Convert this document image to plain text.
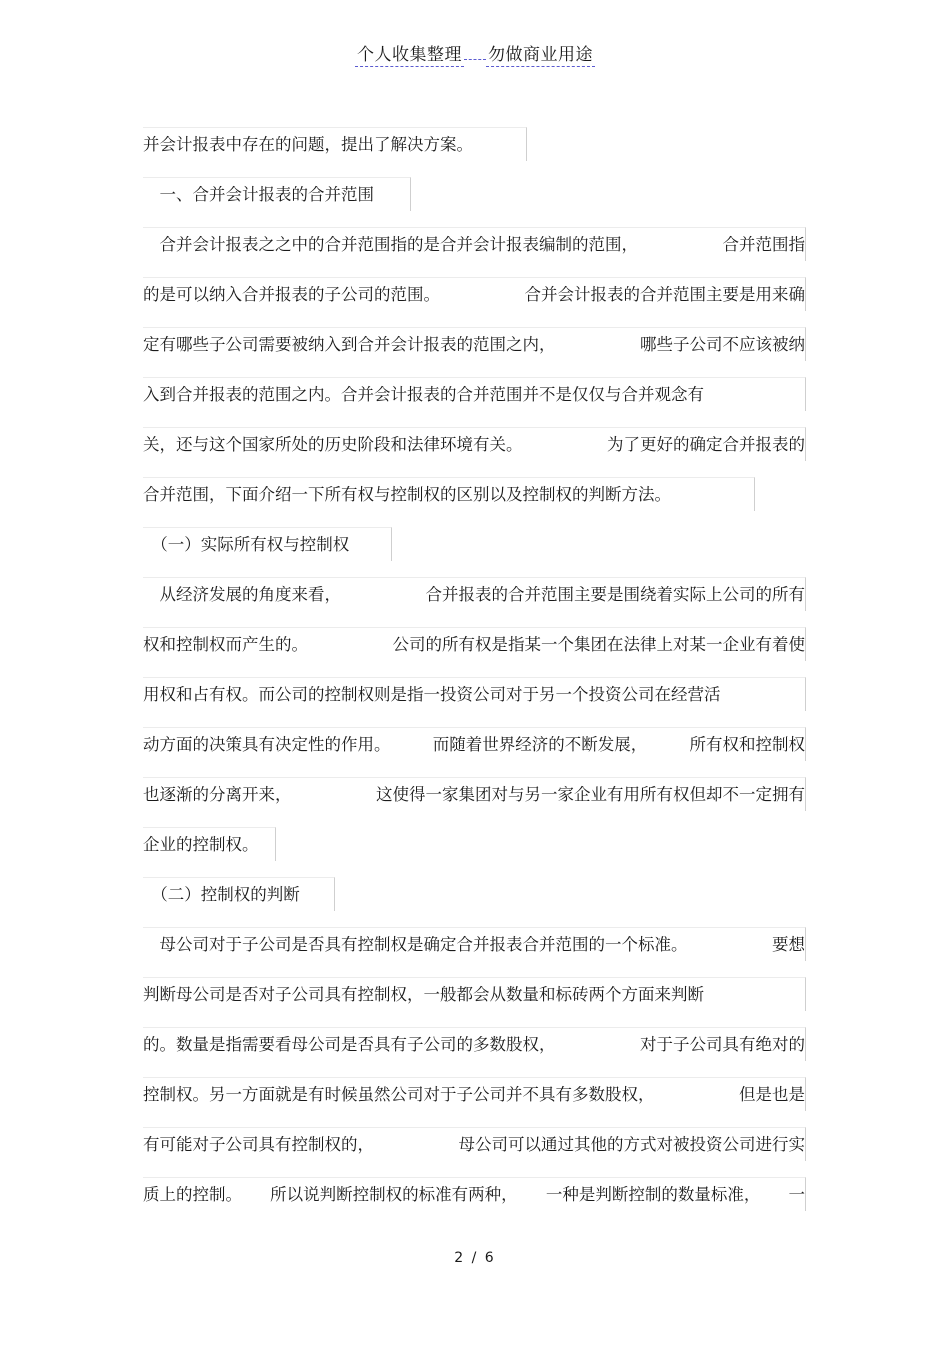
个人收集整理 勿做商业用途
并会计报表中存在的问题，提出了解决方案。
　一、合并会计报表的合并范围
　合并会计报表之之中的合并范围指的是合并会计报表编制的范围，	合并范围指
的是可以纳入合并报表的子公司的范围。	合并会计报表的合并范围主要是用来确
定有哪些子公司需要被纳入到合并会计报表的范围之内，	哪些子公司不应该被纳
入到合并报表的范围之内。合并会计报表的合并范围并不是仅仅与合并观念有
关，还与这个国家所处的历史阶段和法律环境有关。	为了更好的确定合并报表的
合并范围，下面介绍一下所有权与控制权的区别以及控制权的判断方法。
　（一）实际所有权与控制权
　从经济发展的角度来看，	合并报表的合并范围主要是围绕着实际上公司的所有
权和控制权而产生的。	公司的所有权是指某一个集团在法律上对某一企业有着使
用权和占有权。而公司的控制权则是指一投资公司对于另一个投资公司在经营活
动方面的决策具有决定性的作用。	而随着世界经济的不断发展，	所有权和控制权
也逐渐的分离开来，	这使得一家集团对与另一家企业有用所有权但却不一定拥有
企业的控制权。
　（二）控制权的判断
　母公司对于子公司是否具有控制权是确定合并报表合并范围的一个标准。	要想
判断母公司是否对子公司具有控制权，一般都会从数量和标砖两个方面来判断
的。数量是指需要看母公司是否具有子公司的多数股权，	对于子公司具有绝对的
控制权。另一方面就是有时候虽然公司对于子公司并不具有多数股权，	但是也是
有可能对子公司具有控制权的，	母公司可以通过其他的方式对被投资公司进行实
质上的控制。 所以说判断控制权的标准有两种， 一种是判断控制的数量标准， 一
2 / 6
